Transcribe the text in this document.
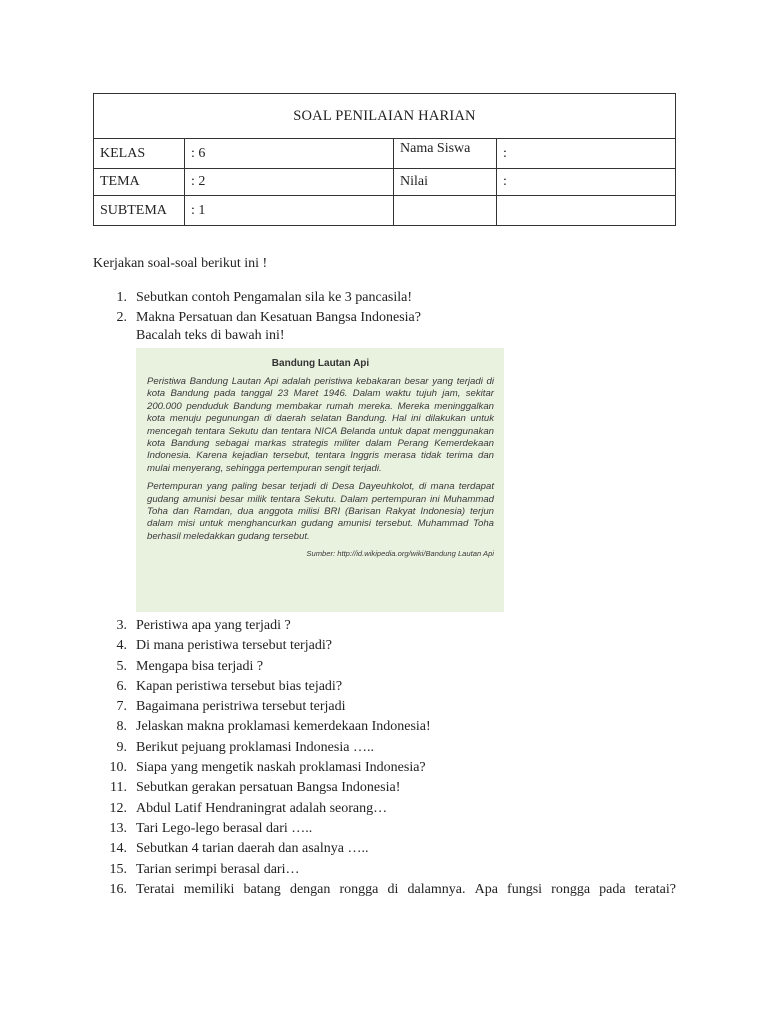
SOAL PENILAIAN HARIAN			
KELAS	: 6	Nama Siswa	:
TEMA	: 2	Nilai	:
SUBTEMA	: 1		
Kerjakan soal-soal berikut ini !
1. Sebutkan contoh Pengamalan sila ke 3 pancasila!
2. Makna Persatuan dan Kesatuan Bangsa Indonesia?
Bacalah teks di bawah ini!
Bandung Lautan Api

Peristiwa Bandung Lautan Api adalah peristiwa kebakaran besar yang terjadi di kota Bandung pada tanggal 23 Maret 1946. Dalam waktu tujuh jam, sekitar 200.000 penduduk Bandung membakar rumah mereka. Mereka meninggalkan kota menuju pegunungan di daerah selatan Bandung. Hal ini dilakukan untuk mencegah tentara Sekutu dan tentara NICA Belanda untuk dapat menggunakan kota Bandung sebagai markas strategis militer dalam Perang Kemerdekaan Indonesia. Karena kejadian tersebut, tentara Inggris merasa tidak terima dan mulai menyerang, sehingga pertempuran sengit terjadi.

Pertempuran yang paling besar terjadi di Desa Dayeuhkolot, di mana terdapat gudang amunisi besar milik tentara Sekutu. Dalam pertempuran ini Muhammad Toha dan Ramdan, dua anggota milisi BRI (Barisan Rakyat Indonesia) terjun dalam misi untuk menghancurkan gudang amunisi tersebut. Muhammad Toha berhasil meledakkan gudang tersebut.

Sumber: http://id.wikipedia.org/wiki/Bandung Lautan Api
3. Peristiwa apa yang terjadi ?
4. Di mana peristiwa tersebut terjadi?
5. Mengapa bisa terjadi ?
6. Kapan peristiwa tersebut bias tejadi?
7. Bagaimana peristriwa tersebut terjadi
8. Jelaskan makna proklamasi kemerdekaan Indonesia!
9. Berikut pejuang proklamasi Indonesia …..
10. Siapa yang mengetik naskah proklamasi Indonesia?
11. Sebutkan gerakan persatuan Bangsa Indonesia!
12. Abdul Latif Hendraningrat adalah seorang…
13. Tari Lego-lego berasal dari …..
14. Sebutkan 4 tarian daerah dan asalnya …..
15. Tarian serimpi berasal dari…
16. Teratai memiliki batang dengan rongga di dalamnya. Apa fungsi rongga pada teratai?
